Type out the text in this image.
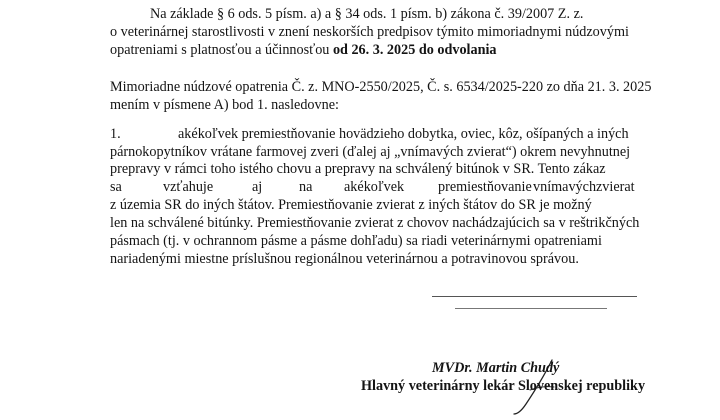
Na základe § 6 ods. 5 písm. a) a § 34 ods. 1 písm. b) zákona č. 39/2007 Z. z.
o veterinárnej starostlivosti v znení neskorších predpisov týmito mimoriadnymi núdzovými
opatreniami s platnosťou a účinnosťou od 26. 3. 2025 do odvolania
Mimoriadne núdzové opatrenia Č. z. MNO-2550/2025, Č. s. 6534/2025-220 zo dňa 21. 3. 2025
mením v písmene A) bod 1. nasledovne:
1.	akékoľvek premiestňovanie hovädzieho dobytka, oviec, kôz, ošípaných a iných
párnokopytníkov vrátane farmovej zveri (ďalej aj „vnímavých zvierat“) okrem nevyhnutnej
prepravy v rámci toho istého chovu a prepravy na schválený bitúnok v SR. Tento zákaz
sa	vzťahuje	aj	na akékoľvek premiestňovanie vnímavých zvierat
z územia SR do iných štátov. Premiestňovanie zvierat z iných štátov do SR je možný
len na schválené bitúnky. Premiestňovanie zvierat z chovov nachádzajúcich sa v reštrikčných
pásmach (tj. v ochrannom pásme a pásme dohľadu) sa riadi veterinárnymi opatreniami
nariadenými miestne príslušnou regionálnou veterinárnou a potravinovou správou.
MVDr. Martin Chudý
Hlavný veterinárny lekár Slovenskej republiky
